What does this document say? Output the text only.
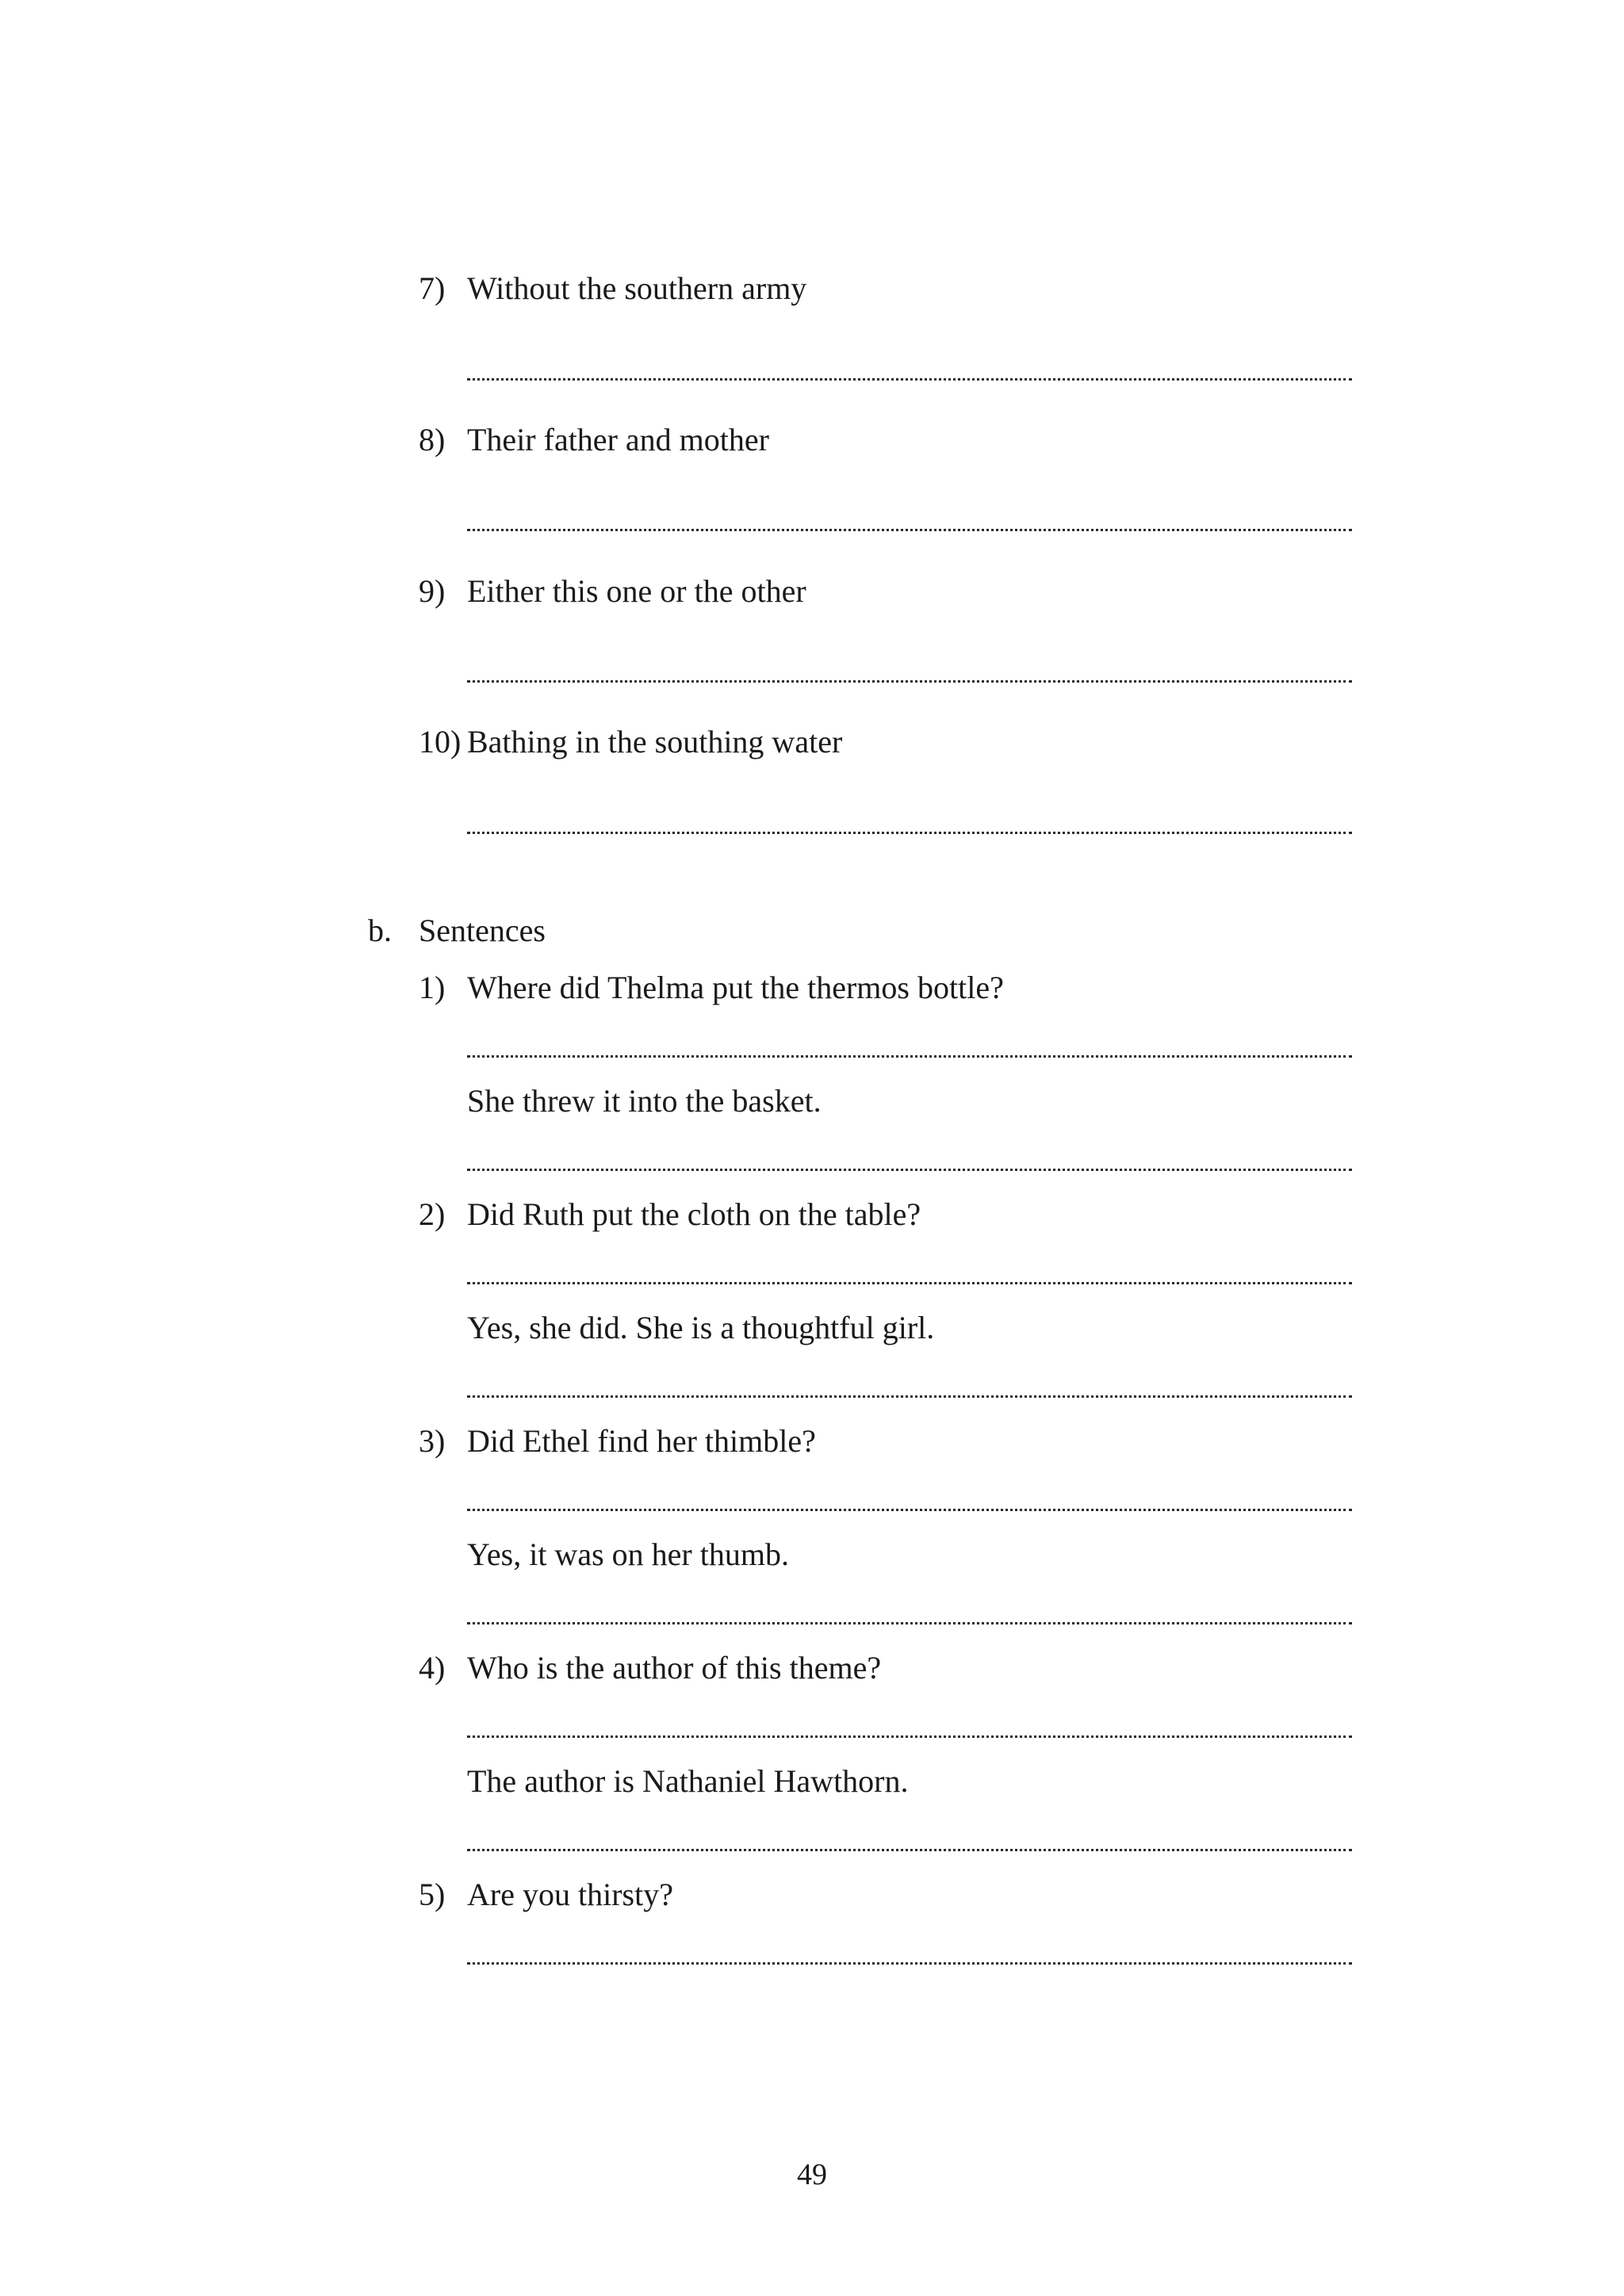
7) Without the southern army
8) Their father and mother
9) Either this one or the other
10) Bathing in the southing water
b. Sentences
1) Where did Thelma put the thermos bottle?
She threw it into the basket.
2) Did Ruth put the cloth on the table?
Yes, she did. She is a thoughtful girl.
3) Did Ethel find her thimble?
Yes, it was on her thumb.
4) Who is the author of this theme?
The author is Nathaniel Hawthorn.
5) Are you thirsty?
49
